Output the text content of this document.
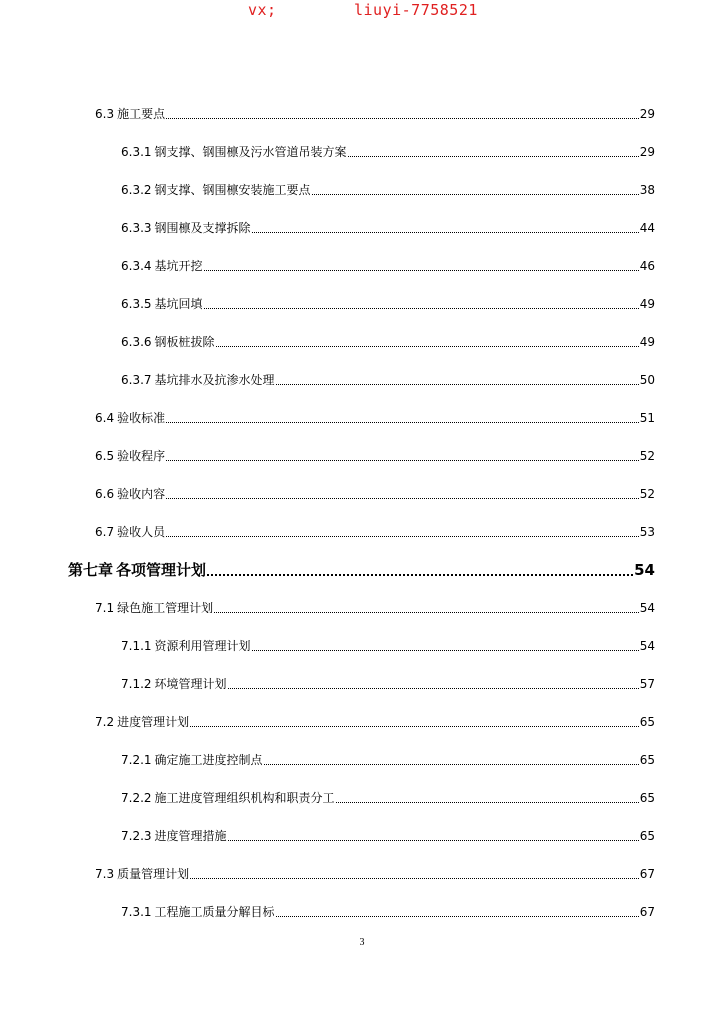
vx;	liuyi-7758521
6.3 施工要点	29
6.3.1 钢支撑、钢围檩及污水管道吊装方案	29
6.3.2 钢支撑、钢围檩安装施工要点	38
6.3.3 钢围檩及支撑拆除	44
6.3.4 基坑开挖	46
6.3.5 基坑回填	49
6.3.6 钢板桩拔除	49
6.3.7 基坑排水及抗渗水处理	50
6.4 验收标准	51
6.5 验收程序	52
6.6 验收内容	52
6.7 验收人员	53
第七章 各项管理计划	54
7.1 绿色施工管理计划	54
7.1.1 资源利用管理计划	54
7.1.2 环境管理计划	57
7.2 进度管理计划	65
7.2.1 确定施工进度控制点	65
7.2.2 施工进度管理组织机构和职责分工	65
7.2.3 进度管理措施	65
7.3 质量管理计划	67
7.3.1 工程施工质量分解目标	67
3
